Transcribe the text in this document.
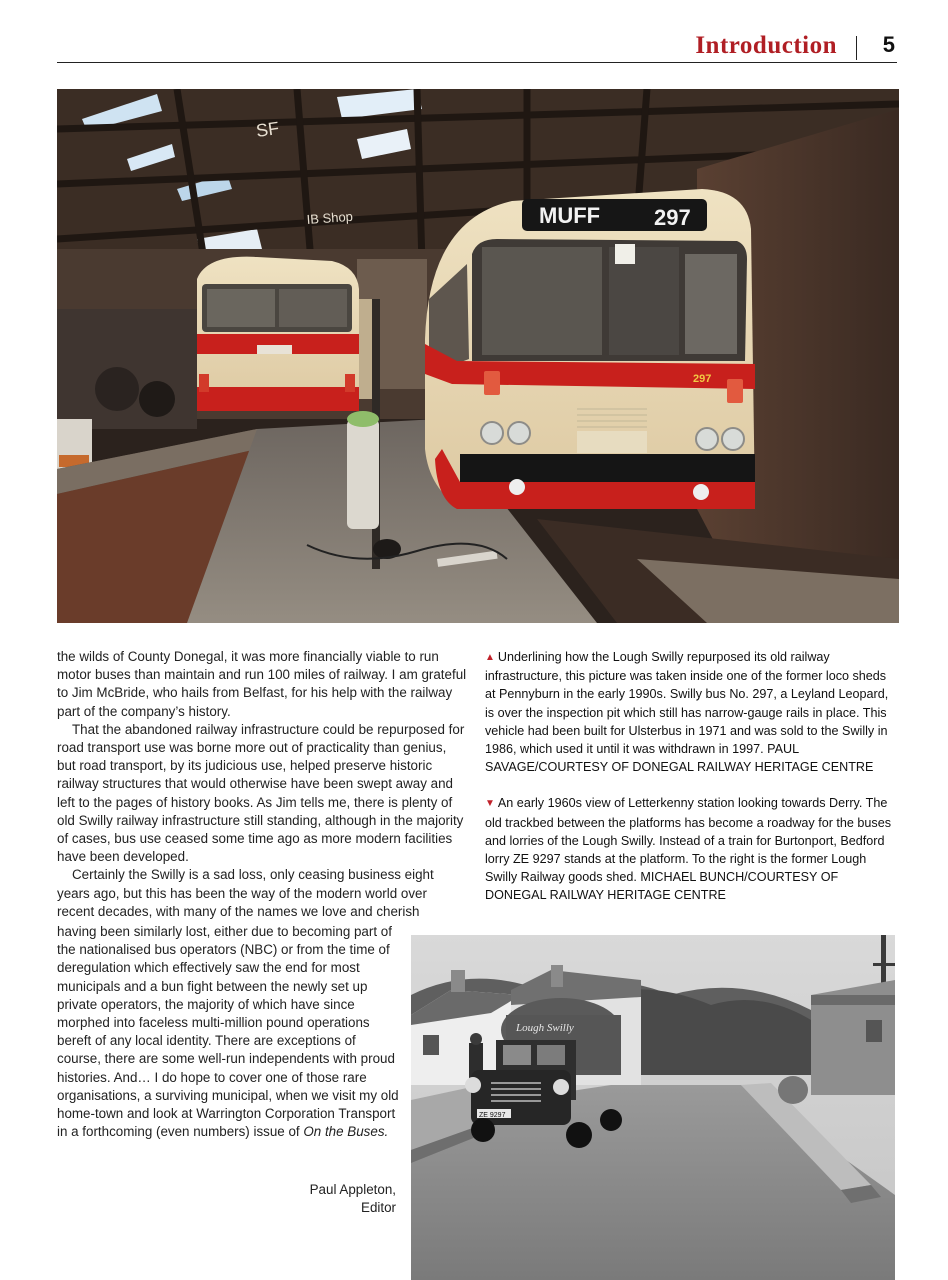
Introduction 5
SF
IB Shop	MUFF 297
297

the wilds of County Donegal, it was more financially viable to run motor buses than maintain and run 100 miles of railway. I am grateful to Jim McBride, who hails from Belfast, for his help with the railway part of the company’s history.

That the abandoned railway infrastructure could be repurposed for road transport use was borne more out of practicality than genius, but road transport, by its judicious use, helped preserve historic railway structures that would otherwise have been swept away and left to the pages of history books. As Jim tells me, there is plenty of old Swilly railway infrastructure still standing, although in the majority of cases, bus use ceased some time ago as more modern facilities have been developed.

Certainly the Swilly is a sad loss, only ceasing business eight years ago, but this has been the way of the modern world over recent decades, with many of the names we love and cherish

having been similarly lost, either due to becoming part of the nationalised bus operators (NBC) or from the time of deregulation which effectively saw the end for most municipals and a bun fight between the newly set up private operators, the majority of which have since morphed into faceless multi-million pound operations bereft of any local identity. There are exceptions of course, there are some well-run independents with proud histories. And… I do hope to cover one of those rare organisations, a surviving municipal, when we visit my old home-town and look at Warrington Corporation Transport in a forthcoming (even numbers) issue of On the Buses.

Paul Appleton,
Editor

▲ Underlining how the Lough Swilly repurposed its old railway infrastructure, this picture was taken inside one of the former loco sheds at Pennyburn in the early 1990s. Swilly bus No. 297, a Leyland Leopard, is over the inspection pit which still has narrow-gauge rails in place. This vehicle had been built for Ulsterbus in 1971 and was sold to the Swilly in 1986, which used it until it was withdrawn in 1997. PAUL SAVAGE/COURTESY OF DONEGAL RAILWAY HERITAGE CENTRE

▼ An early 1960s view of Letterkenny station looking towards Derry. The old trackbed between the platforms has become a roadway for the buses and lorries of the Lough Swilly. Instead of a train for Burtonport, Bedford lorry ZE 9297 stands at the platform. To the right is the former Lough Swilly Railway goods shed. MICHAEL BUNCH/COURTESY OF DONEGAL RAILWAY HERITAGE CENTRE

Lough Swilly
ZE 9297
